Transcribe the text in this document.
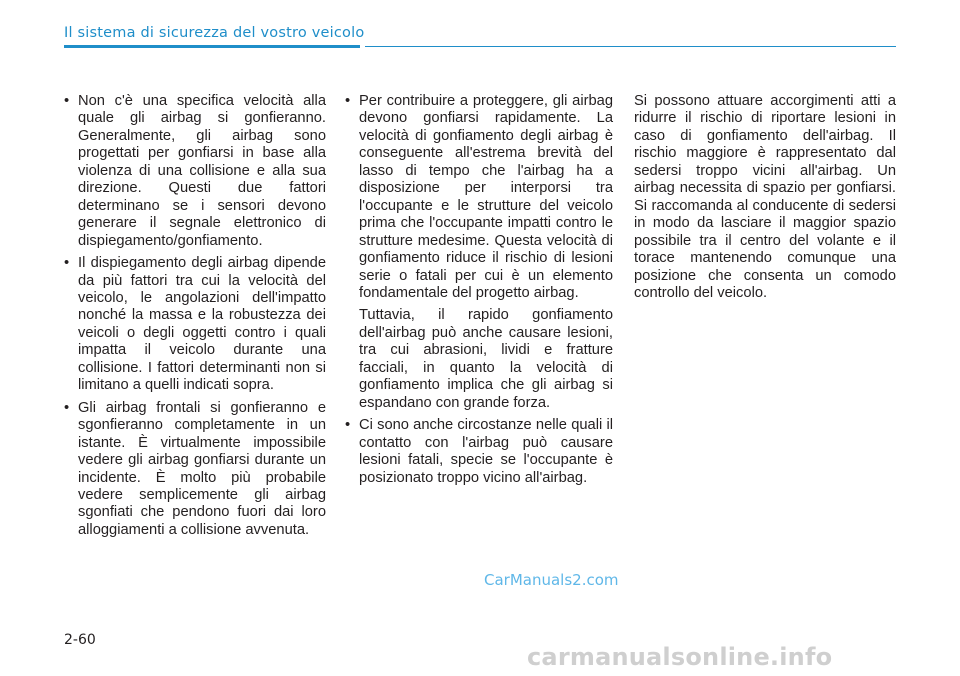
Il sistema di sicurezza del vostro veicolo
• Non c'è una specifica velocità alla quale gli airbag si gonfieranno. Generalmente, gli airbag sono progettati per gonfiarsi in base alla violenza di una collisione e alla sua direzione. Questi due fattori determinano se i sensori devono generare il segnale elettronico di dispiegamento/gonfiamento.
• Il dispiegamento degli airbag dipende da più fattori tra cui la velocità del veicolo, le angolazioni dell'impatto nonché la massa e la robustezza dei veicoli o degli oggetti contro i quali impatta il veicolo durante una collisione. I fattori determinanti non si limitano a quelli indicati sopra.
• Gli airbag frontali si gonfieranno e sgonfieranno completamente in un istante. È virtualmente impossibile vedere gli airbag gonfiarsi durante un incidente. È molto più probabile vedere semplicemente gli airbag sgonfiati che pendono fuori dai loro alloggiamenti a collisione avvenuta.
• Per contribuire a proteggere, gli airbag devono gonfiarsi rapidamente. La velocità di gonfiamento degli airbag è conseguente all'estrema brevità del lasso di tempo che l'airbag ha a disposizione per interporsi tra l'occupante e le strutture del veicolo prima che l'occupante impatti contro le strutture medesime. Questa velocità di gonfiamento riduce il rischio di lesioni serie o fatali per cui è un elemento fondamentale del progetto airbag.

Tuttavia, il rapido gonfiamento dell'airbag può anche causare lesioni, tra cui abrasioni, lividi e fratture facciali, in quanto la velocità di gonfiamento implica che gli airbag si espandano con grande forza.

• Ci sono anche circostanze nelle quali il contatto con l'airbag può causare lesioni fatali, specie se l'occupante è posizionato troppo vicino all'airbag.

Si possono attuare accorgimenti atti a ridurre il rischio di riportare lesioni in caso di gonfiamento dell'airbag. Il rischio maggiore è rappresentato dal sedersi troppo vicini all'airbag. Un airbag necessita di spazio per gonfiarsi. Si raccomanda al conducente di sedersi in modo da lasciare il maggior spazio possibile tra il centro del volante e il torace mantenendo comunque una posizione che consenta un comodo controllo del veicolo.

CarManuals2.com
2-60
carmanualsonline.info
